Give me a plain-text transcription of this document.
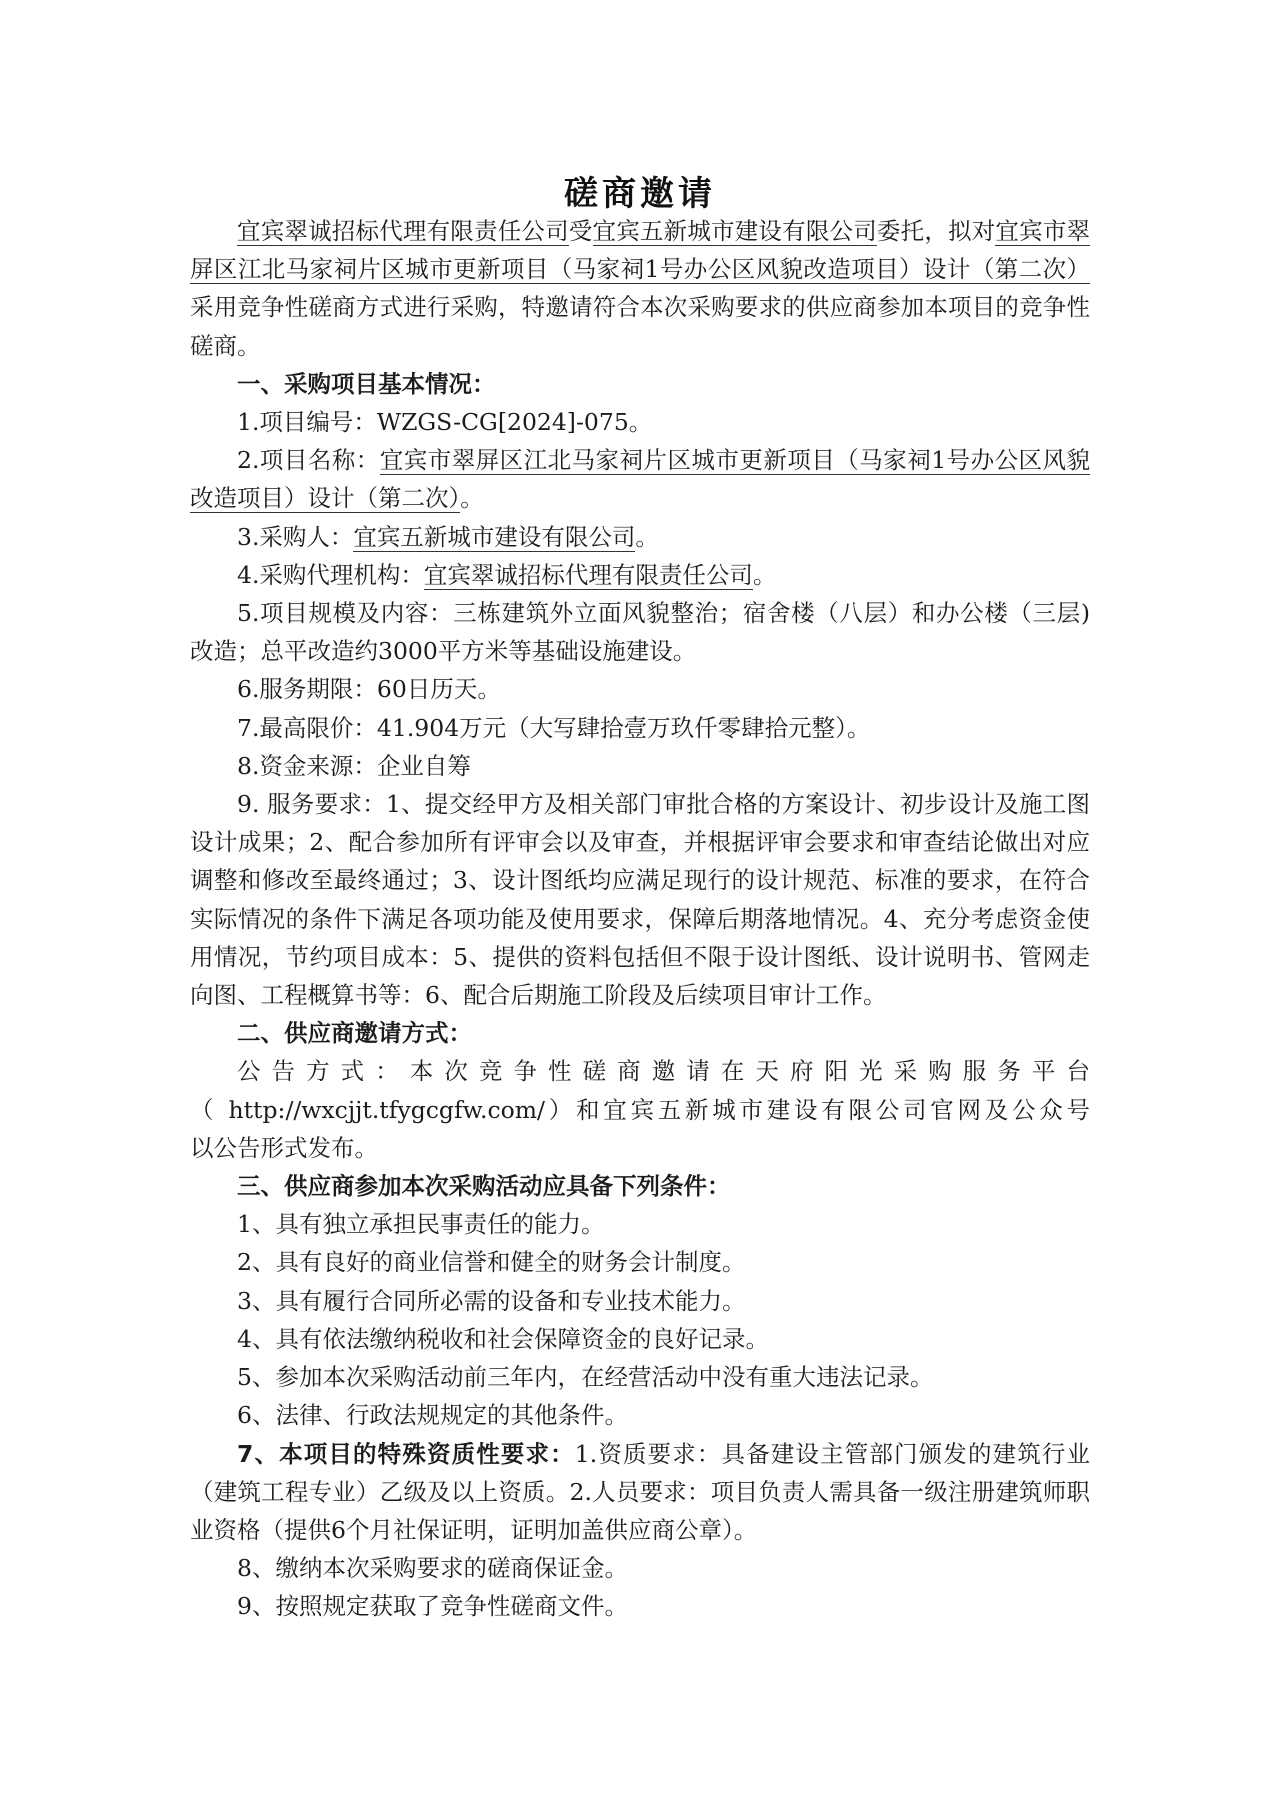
磋商邀请

宜宾翠诚招标代理有限责任公司受宜宾五新城市建设有限公司委托，拟对宜宾市翠屏区江北马家祠片区城市更新项目（马家祠1号办公区风貌改造项目）设计（第二次）采用竞争性磋商方式进行采购，特邀请符合本次采购要求的供应商参加本项目的竞争性磋商。

一、采购项目基本情况：

1.项目编号：WZGS-CG[2024]-075。

2.项目名称：宜宾市翠屏区江北马家祠片区城市更新项目（马家祠1号办公区风貌改造项目）设计（第二次）。

3.采购人：宜宾五新城市建设有限公司。

4.采购代理机构：宜宾翠诚招标代理有限责任公司。

5.项目规模及内容：三栋建筑外立面风貌整治；宿舍楼（八层）和办公楼（三层)改造；总平改造约3000平方米等基础设施建设。

6.服务期限：60日历天。

7.最高限价：41.904万元（大写肆拾壹万玖仟零肆拾元整）。

8.资金来源：企业自筹

9. 服务要求：1、提交经甲方及相关部门审批合格的方案设计、初步设计及施工图设计成果；2、配合参加所有评审会以及审查，并根据评审会要求和审查结论做出对应调整和修改至最终通过；3、设计图纸均应满足现行的设计规范、标准的要求，在符合实际情况的条件下满足各项功能及使用要求，保障后期落地情况。4、充分考虑资金使用情况，节约项目成本：5、提供的资料包括但不限于设计图纸、设计说明书、管网走向图、工程概算书等：6、配合后期施工阶段及后续项目审计工作。

二、供应商邀请方式：

公告方式：本次竞争性磋商邀请在天府阳光采购服务平台

（ http://wxcjjt.tfygcgfw.com/）和宜宾五新城市建设有限公司官网及公众号

以公告形式发布。

三、供应商参加本次采购活动应具备下列条件：

1、具有独立承担民事责任的能力。

2、具有良好的商业信誉和健全的财务会计制度。

3、具有履行合同所必需的设备和专业技术能力。

4、具有依法缴纳税收和社会保障资金的良好记录。

5、参加本次采购活动前三年内，在经营活动中没有重大违法记录。

6、法律、行政法规规定的其他条件。

7、本项目的特殊资质性要求：1.资质要求：具备建设主管部门颁发的建筑行业（建筑工程专业）乙级及以上资质。2.人员要求：项目负责人需具备一级注册建筑师职业资格（提供6个月社保证明，证明加盖供应商公章）。

8、缴纳本次采购要求的磋商保证金。

9、按照规定获取了竞争性磋商文件。
